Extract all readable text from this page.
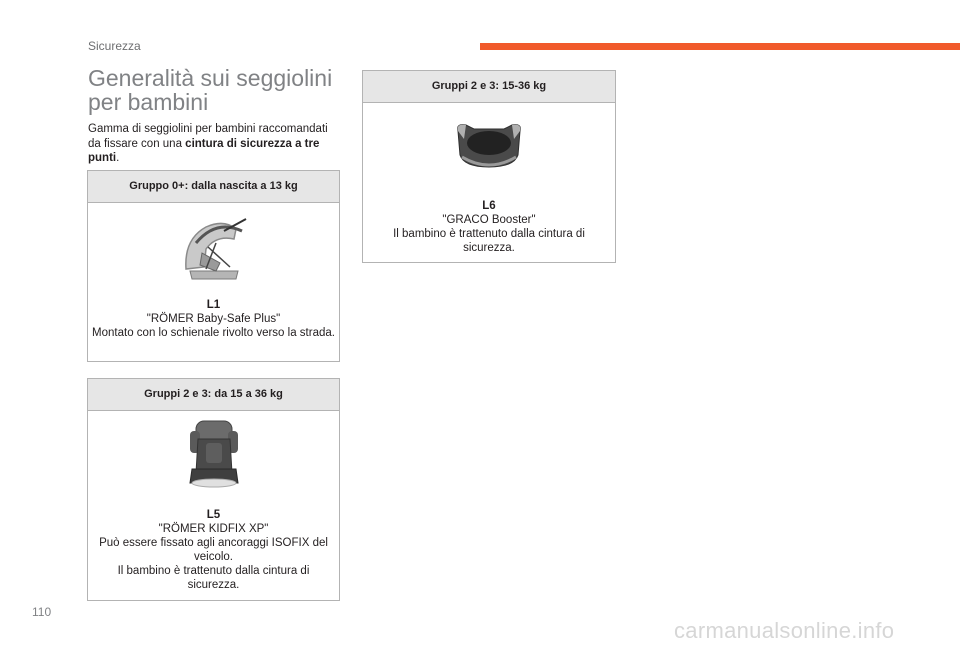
Sicurezza
Generalità sui seggiolini
per bambini
Gamma di seggiolini per bambini raccomandati da fissare con una cintura di sicurezza a tre punti.
Gruppo 0+: dalla nascita a 13 kg
L1
"RÖMER Baby-Safe Plus"
Montato con lo schienale rivolto verso la strada.
Gruppi 2 e 3: da 15 a 36 kg
L5
"RÖMER KIDFIX XP"
Può essere fissato agli ancoraggi ISOFIX del veicolo.
Il bambino è trattenuto dalla cintura di sicurezza.
Gruppi 2 e 3: 15-36 kg
L6
"GRACO Booster"
Il bambino è trattenuto dalla cintura di sicurezza.
110
carmanualsonline.info
